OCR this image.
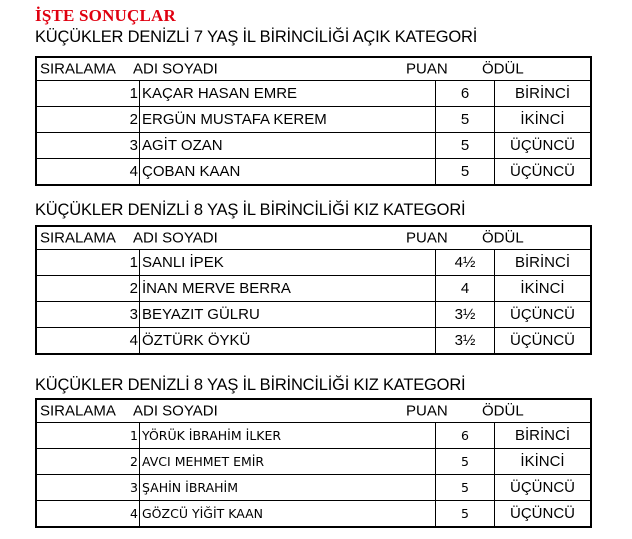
İŞTE SONUÇLAR
KÜÇÜKLER DENİZLİ 7 YAŞ İL BİRİNCİLİĞİ AÇIK KATEGORİ
SIRALAMA ADI SOYADI	PUAN ÖDÜL
1 KAÇAR HASAN EMRE	6	BİRİNCİ
2 ERGÜN MUSTAFA KEREM	5	İKİNCİ
3 AGİT OZAN	5	ÜÇÜNCÜ
4 ÇOBAN KAAN	5	ÜÇÜNCÜ
KÜÇÜKLER DENİZLİ 8 YAŞ İL BİRİNCİLİĞİ KIZ KATEGORİ
SIRALAMA ADI SOYADI	PUAN ÖDÜL
1 SANLI İPEK	4½	BİRİNCİ
2 İNAN MERVE BERRA	4	İKİNCİ
3 BEYAZIT GÜLRU	3½	ÜÇÜNCÜ
4 ÖZTÜRK ÖYKÜ	3½	ÜÇÜNCÜ
KÜÇÜKLER DENİZLİ 8 YAŞ İL BİRİNCİLİĞİ KIZ KATEGORİ
SIRALAMA ADI SOYADI	PUAN ÖDÜL
1 YÖRÜK İBRAHİM İLKER	6	BİRİNCİ
2 AVCI MEHMET EMİR	5	İKİNCİ
3 ŞAHİN İBRAHİM	5	ÜÇÜNCÜ
4 GÖZCÜ YİĞİT KAAN	5	ÜÇÜNCÜ
